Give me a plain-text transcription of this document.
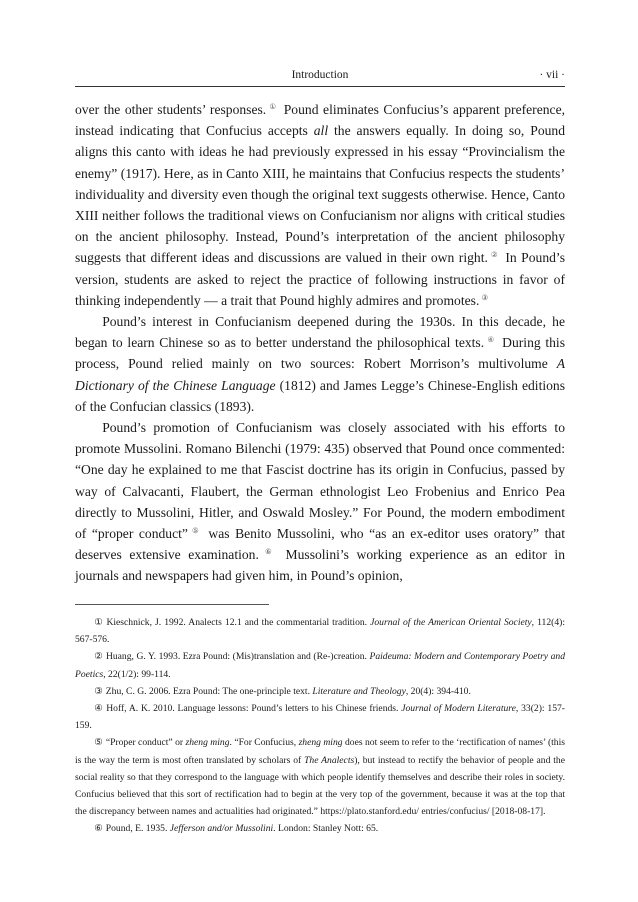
Introduction	· vii ·

over the other students’ responses. ① Pound eliminates Confucius’s apparent preference, instead indicating that Confucius accepts all the answers equally. In doing so, Pound aligns this canto with ideas he had previously expressed in his essay “Provincialism the enemy” (1917). Here, as in Canto XIII, he maintains that Confucius respects the students’ individuality and diversity even though the original text suggests otherwise. Hence, Canto XIII neither follows the traditional views on Confucianism nor aligns with critical studies on the ancient philosophy. Instead, Pound’s interpretation of the ancient philosophy suggests that different ideas and discussions are valued in their own right. ② In Pound’s version, students are asked to reject the practice of following instructions in favor of thinking independently — a trait that Pound highly admires and promotes. ③

Pound’s interest in Confucianism deepened during the 1930s. In this decade, he began to learn Chinese so as to better understand the philosophical texts. ④ During this process, Pound relied mainly on two sources: Robert Morrison’s multivolume A Dictionary of the Chinese Language (1812) and James Legge’s Chinese-English editions of the Confucian classics (1893).

Pound’s promotion of Confucianism was closely associated with his efforts to promote Mussolini. Romano Bilenchi (1979: 435) observed that Pound once commented: “One day he explained to me that Fascist doctrine has its origin in Confucius, passed by way of Calvacanti, Flaubert, the German ethnologist Leo Frobenius and Enrico Pea directly to Mussolini, Hitler, and Oswald Mosley.” For Pound, the modern embodiment of “proper conduct” ⑤ was Benito Mussolini, who “as an ex-editor uses oratory” that deserves extensive examination. ⑥ Mussolini’s working experience as an editor in journals and newspapers had given him, in Pound’s opinion,

① Kieschnick, J. 1992. Analects 12.1 and the commentarial tradition. Journal of the American Oriental Society, 112(4): 567-576.

② Huang, G. Y. 1993. Ezra Pound: (Mis)translation and (Re-)creation. Paideuma: Modern and Contemporary Poetry and Poetics, 22(1/2): 99-114.

③ Zhu, C. G. 2006. Ezra Pound: The one-principle text. Literature and Theology, 20(4): 394-410.

④ Hoff, A. K. 2010. Language lessons: Pound’s letters to his Chinese friends. Journal of Modern Literature, 33(2): 157-159.

⑤ “Proper conduct” or zheng ming. “For Confucius, zheng ming does not seem to refer to the ‘rectification of names’ (this is the way the term is most often translated by scholars of The Analects), but instead to rectify the behavior of people and the social reality so that they correspond to the language with which people identify themselves and describe their roles in society. Confucius believed that this sort of rectification had to begin at the very top of the government, because it was at the top that the discrepancy between names and actualities had originated.” https://plato.stanford.edu/ entries/confucius/ [2018-08-17].

⑥ Pound, E. 1935. Jefferson and/or Mussolini. London: Stanley Nott: 65.
